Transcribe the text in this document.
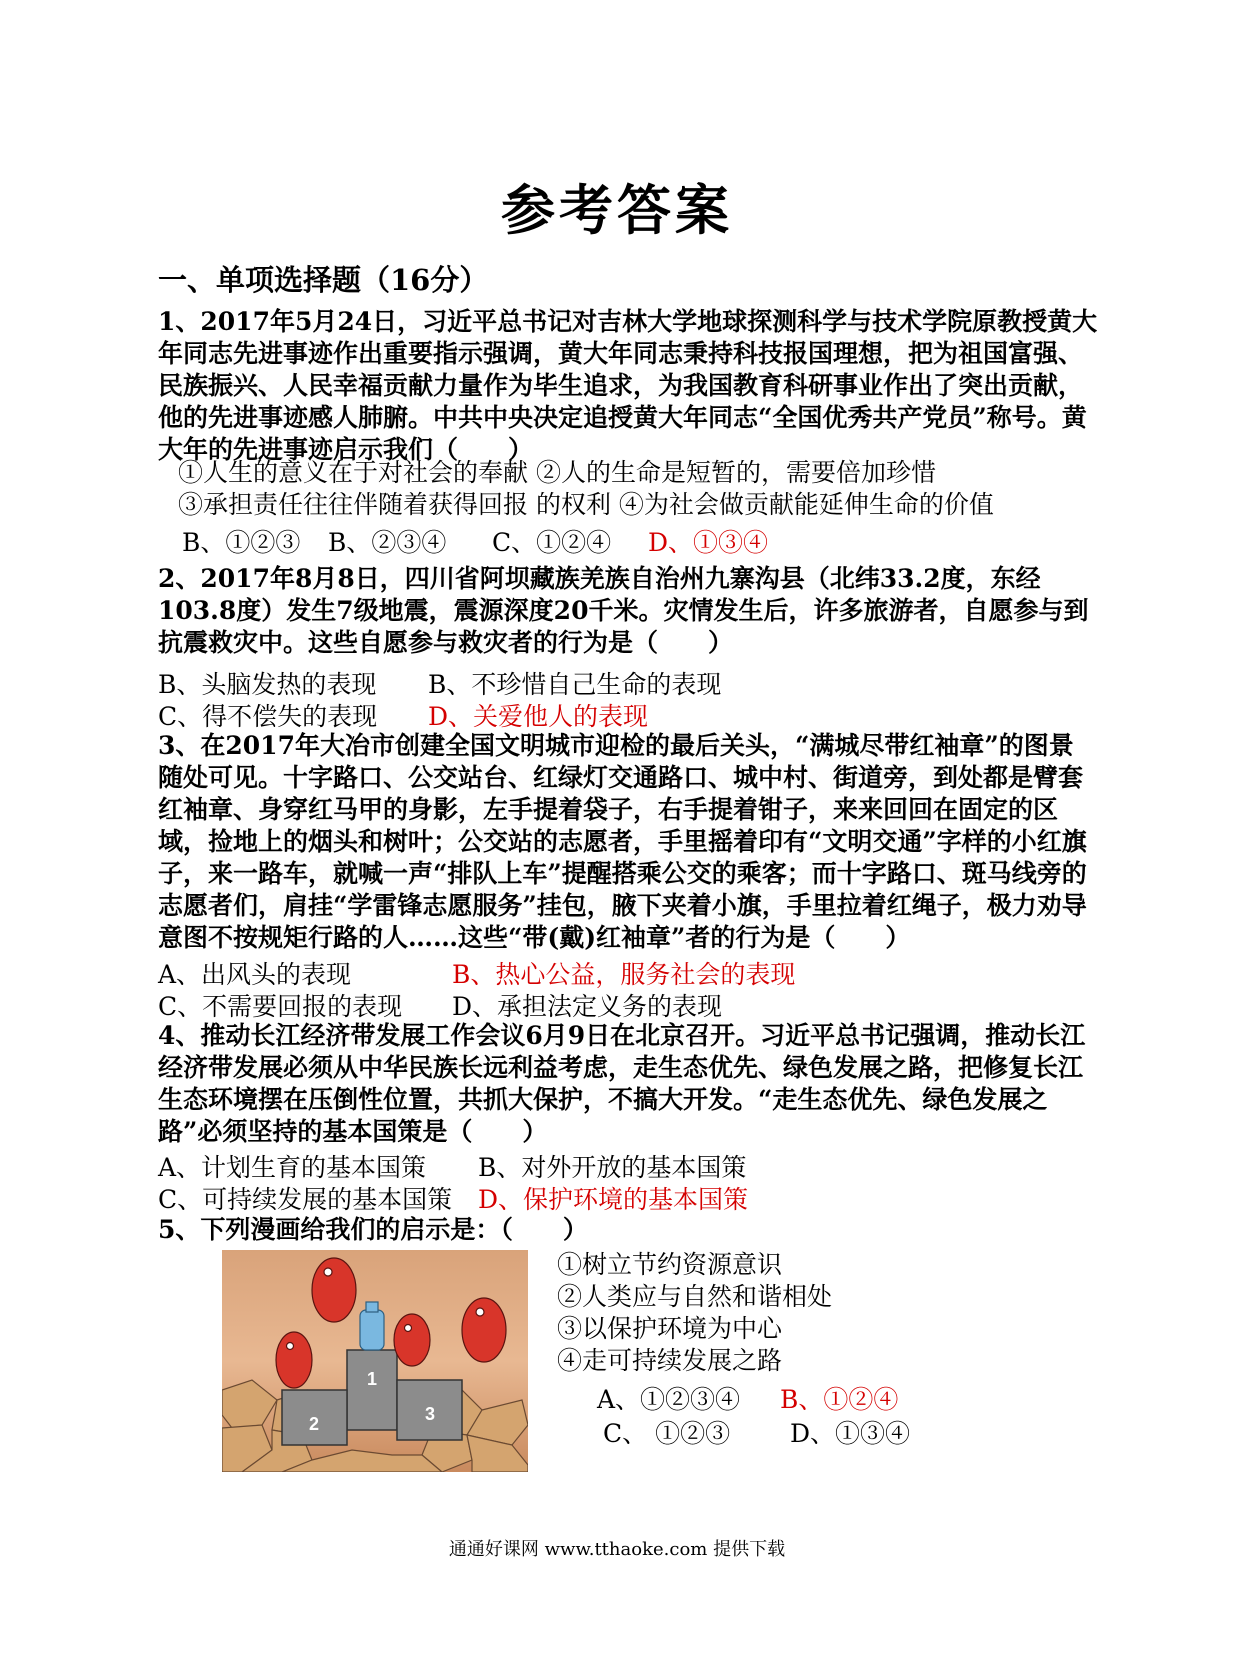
参考答案
一、单项选择题（16分）
1、2017年5月24日，习近平总书记对吉林大学地球探测科学与技术学院原教授黄大年同志先进事迹作出重要指示强调，黄大年同志秉持科技报国理想，把为祖国富强、民族振兴、人民幸福贡献力量作为毕生追求，为我国教育科研事业作出了突出贡献，他的先进事迹感人肺腑。中共中央决定追授黄大年同志“全国优秀共产党员”称号。黄大年的先进事迹启示我们（　　）
①人生的意义在于对社会的奉献 ②人的生命是短暂的，需要倍加珍惜
③承担责任往往伴随着获得回报 的权利 ④为社会做贡献能延伸生命的价值
B、①②③ B、②③④ C、①②④ D、①③④
2、2017年8月8日，四川省阿坝藏族羌族自治州九寨沟县（北纬33.2度，东经103.8度）发生7级地震，震源深度20千米。灾情发生后，许多旅游者，自愿参与到抗震救灾中。这些自愿参与救灾者的行为是（　　）
B、头脑发热的表现 B、不珍惜自己生命的表现
C、得不偿失的表现 D、关爱他人的表现
3、在2017年大冶市创建全国文明城市迎检的最后关头，“满城尽带红袖章”的图景随处可见。十字路口、公交站台、红绿灯交通路口、城中村、街道旁，到处都是臂套红袖章、身穿红马甲的身影，左手提着袋子，右手提着钳子，来来回回在固定的区域，捡地上的烟头和树叶；公交站的志愿者，手里摇着印有“文明交通”字样的小红旗子，来一路车，就喊一声“排队上车”提醒搭乘公交的乘客；而十字路口、斑马线旁的志愿者们，肩挂“学雷锋志愿服务”挂包，腋下夹着小旗，手里拉着红绳子，极力劝导意图不按规矩行路的人……这些“带(戴)红袖章”者的行为是（　　）
A、出风头的表现	B、热心公益，服务社会的表现
C、不需要回报的表现 D、承担法定义务的表现
4、推动长江经济带发展工作会议6月9日在北京召开。习近平总书记强调，推动长江经济带发展必须从中华民族长远利益考虑，走生态优先、绿色发展之路，把修复长江生态环境摆在压倒性位置，共抓大保护，不搞大开发。“走生态优先、绿色发展之路”必须坚持的基本国策是（　　）
A、计划生育的基本国策 B、对外开放的基本国策
C、可持续发展的基本国策 D、保护环境的基本国策
5、下列漫画给我们的启示是：（　　）
1
2	3
①树立节约资源意识
②人类应与自然和谐相处
③以保护环境为中心
④走可持续发展之路
A、①②③④ B、①②④
C、 ①②③ D、①③④
通通好课网 www.tthaoke.com 提供下载
